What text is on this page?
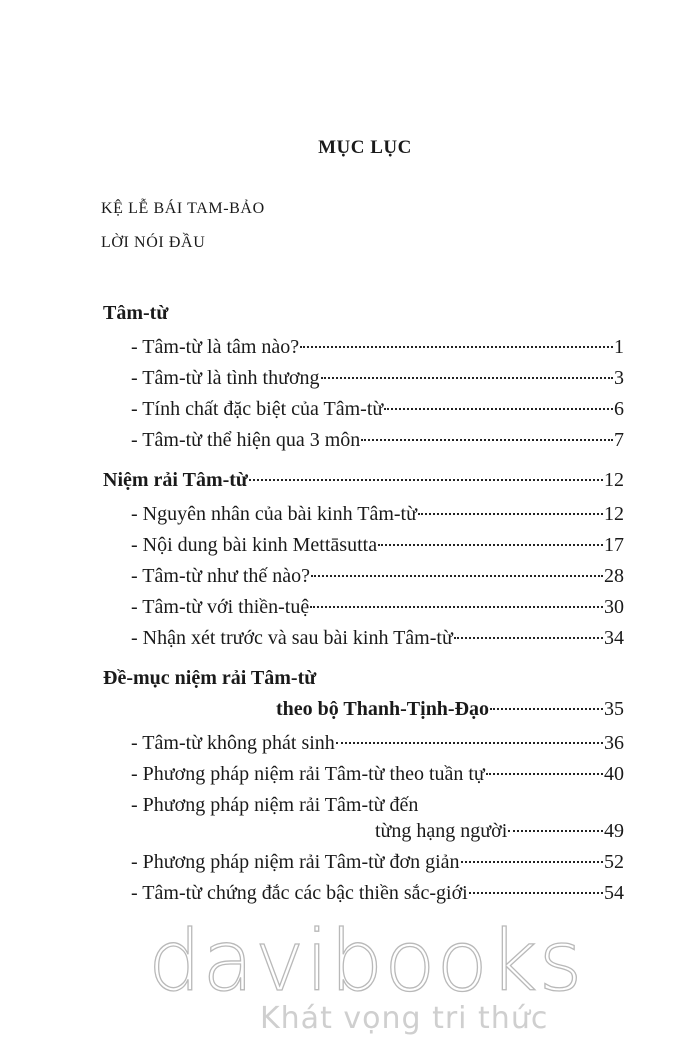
MỤC LỤC
KỆ LỄ BÁI TAM-BẢO
LỜI NÓI ĐẦU
Tâm-từ
- Tâm-từ là tâm nào?	1
- Tâm-từ là tình thương	3
- Tính chất đặc biệt của Tâm-từ	6
- Tâm-từ thể hiện qua 3 môn	7
Niệm rải Tâm-từ	12
- Nguyên nhân của bài kinh Tâm-từ	12
- Nội dung bài kinh Mettāsutta	17
- Tâm-từ như thế nào?	28
- Tâm-từ với thiền-tuệ	30
- Nhận xét trước và sau bài kinh Tâm-từ	34
Đề-mục niệm rải Tâm-từ
theo bộ Thanh-Tịnh-Đạo	35
- Tâm-từ không phát sinh	36
- Phương pháp niệm rải Tâm-từ theo tuần tự	40
- Phương pháp niệm rải Tâm-từ đến
từng hạng người	49
- Phương pháp niệm rải Tâm-từ đơn giản	52
- Tâm-từ chứng đắc các bậc thiền sắc-giới	54
davibooks
Khát vọng tri thức
